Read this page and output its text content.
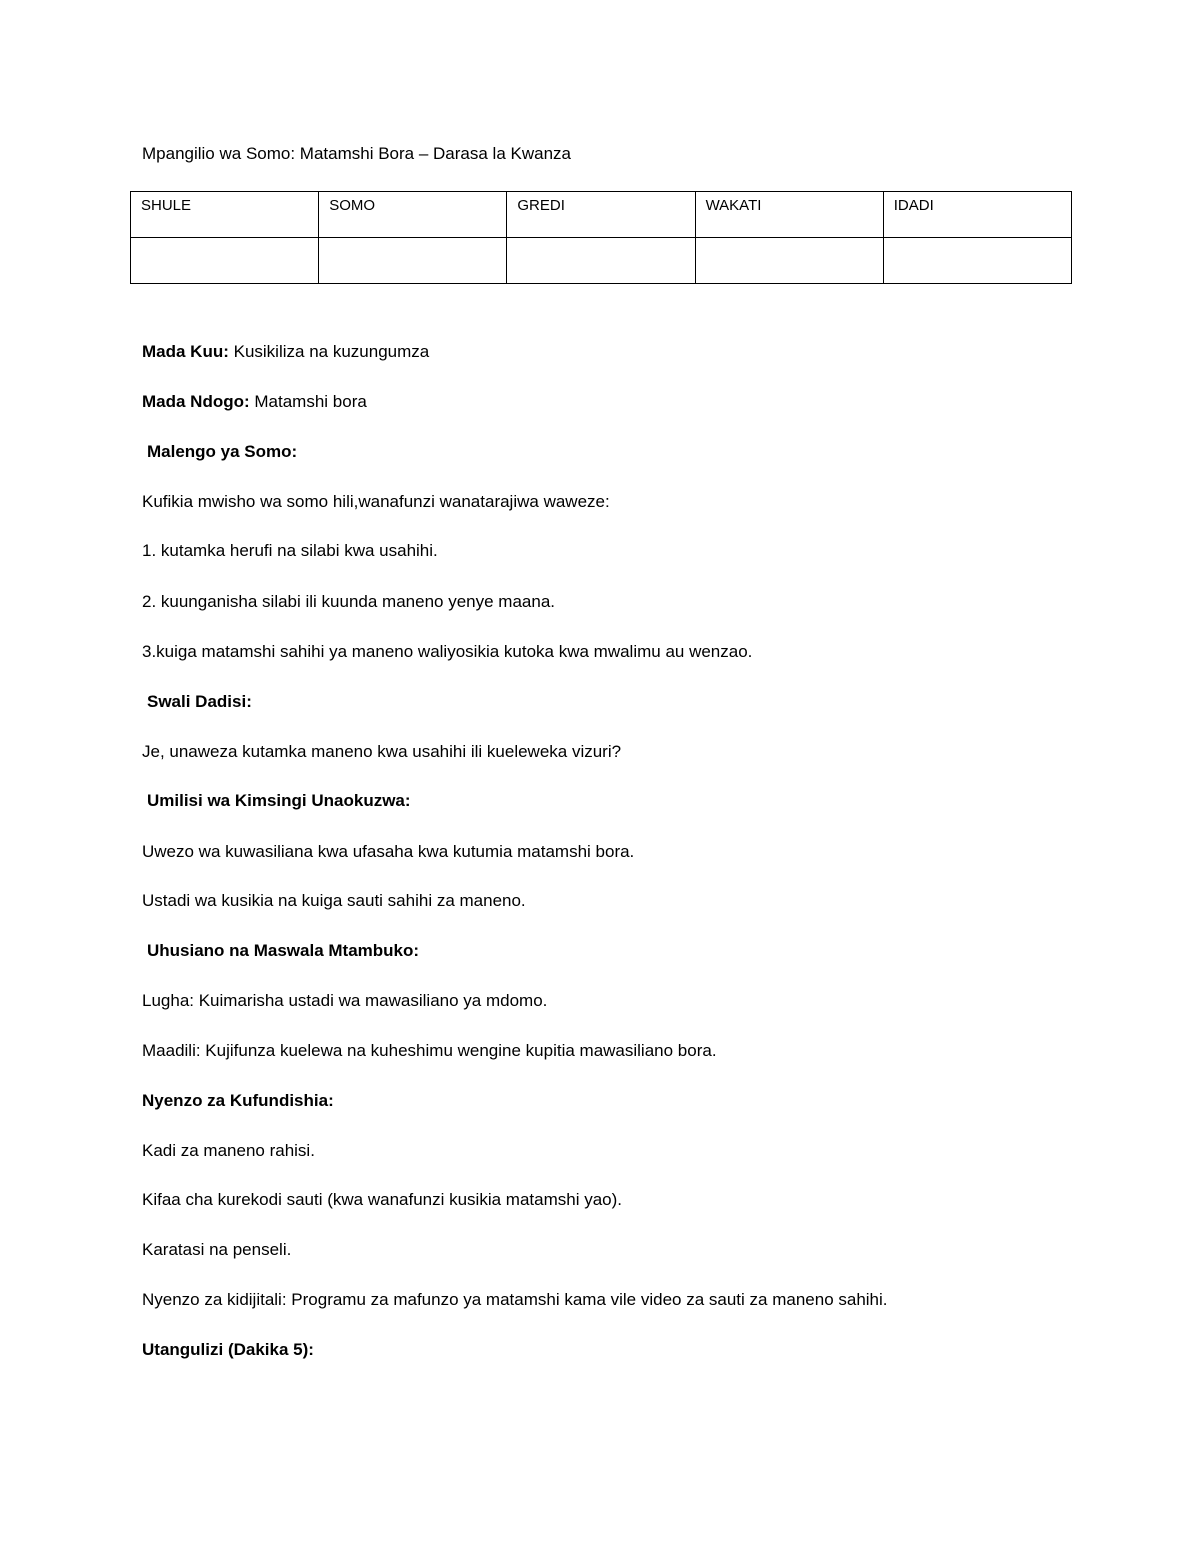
Mpangilio wa Somo: Matamshi Bora – Darasa la Kwanza
SHULE	SOMO	GREDI	WAKATI	IDADI

Mada Kuu: Kusikiliza na kuzungumza
Mada Ndogo: Matamshi bora
Malengo ya Somo:
Kufikia mwisho wa somo hili,wanafunzi wanatarajiwa waweze:
1. kutamka herufi na silabi kwa usahihi.
2. kuunganisha silabi ili kuunda maneno yenye maana.
3.kuiga matamshi sahihi ya maneno waliyosikia kutoka kwa mwalimu au wenzao.
Swali Dadisi:
Je, unaweza kutamka maneno kwa usahihi ili kueleweka vizuri?
Umilisi wa Kimsingi Unaokuzwa:
Uwezo wa kuwasiliana kwa ufasaha kwa kutumia matamshi bora.
Ustadi wa kusikia na kuiga sauti sahihi za maneno.
Uhusiano na Maswala Mtambuko:
Lugha: Kuimarisha ustadi wa mawasiliano ya mdomo.
Maadili: Kujifunza kuelewa na kuheshimu wengine kupitia mawasiliano bora.
Nyenzo za Kufundishia:
Kadi za maneno rahisi.
Kifaa cha kurekodi sauti (kwa wanafunzi kusikia matamshi yao).
Karatasi na penseli.
Nyenzo za kidijitali: Programu za mafunzo ya matamshi kama vile video za sauti za maneno sahihi.
Utangulizi (Dakika 5):
